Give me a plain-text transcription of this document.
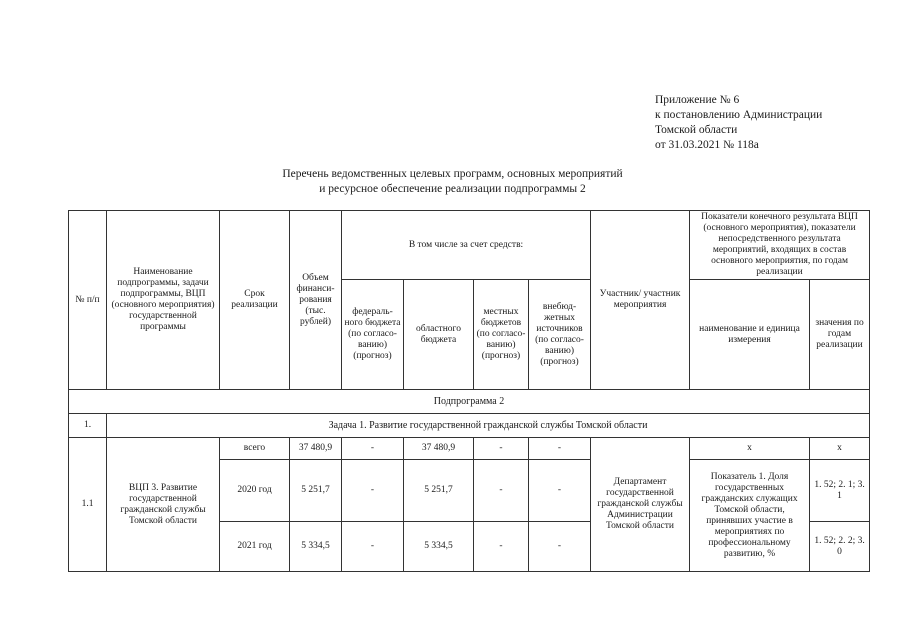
Приложение № 6
к постановлению Администрации
Томской области
от 31.03.2021 № 118а
Перечень ведомственных целевых программ, основных мероприятий
и ресурсное обеспечение реализации подпрограммы 2
№ п/п	Наименование подпрограммы, задачи подпрограммы, ВЦП (основного мероприятия) государственной программы	Срок реализации	Объем финанси-рования (тыс. рублей)	В том числе за счет средств:				Участник/ участник мероприятия	Показатели конечного результата ВЦП (основного мероприятия), показатели непосредственного результата мероприятий, входящих в состав основного мероприятия, по годам реализации	
				федераль-ного бюджета (по согласо-ванию) (прогноз)	областного бюджета	местных бюджетов (по согласо-ванию) (прогноз)	внебюд-жетных источников (по согласо-ванию) (прогноз)		наименование и единица измерения	значения по годам реализации
Подпрограмма 2										
1.	Задача 1. Развитие государственной гражданской службы Томской области									
1.1	ВЦП 3. Развитие государственной гражданской службы Томской области	всего	37 480,9	-	37 480,9	-	-	Департамент государственной гражданской службы Администрации Томской области	x	x
		2020 год	5 251,7	-	5 251,7	-	-		Показатель 1. Доля государственных гражданских служащих Томской области, принявших участие в мероприятиях по профессиональному развитию, %	1. 52; 2. 1; 3. 1
		2021 год	5 334,5	-	5 334,5	-	-			1. 52; 2. 2; 3. 0
